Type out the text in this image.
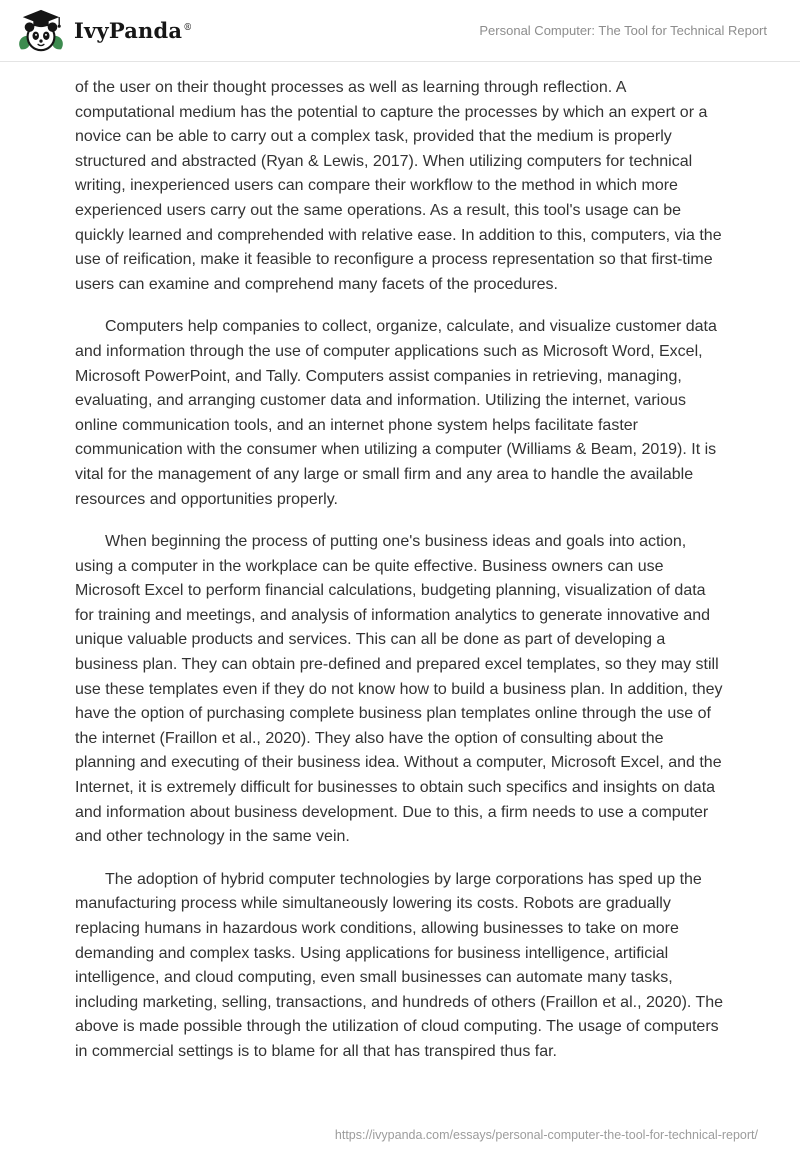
IvyPanda®	Personal Computer: The Tool for Technical Report

of the user on their thought processes as well as learning through reflection. A computational medium has the potential to capture the processes by which an expert or a novice can be able to carry out a complex task, provided that the medium is properly structured and abstracted (Ryan & Lewis, 2017). When utilizing computers for technical writing, inexperienced users can compare their workflow to the method in which more experienced users carry out the same operations. As a result, this tool's usage can be quickly learned and comprehended with relative ease. In addition to this, computers, via the use of reification, make it feasible to reconfigure a process representation so that first-time users can examine and comprehend many facets of the procedures.

Computers help companies to collect, organize, calculate, and visualize customer data and information through the use of computer applications such as Microsoft Word, Excel, Microsoft PowerPoint, and Tally. Computers assist companies in retrieving, managing, evaluating, and arranging customer data and information. Utilizing the internet, various online communication tools, and an internet phone system helps facilitate faster communication with the consumer when utilizing a computer (Williams & Beam, 2019). It is vital for the management of any large or small firm and any area to handle the available resources and opportunities properly.

When beginning the process of putting one's business ideas and goals into action, using a computer in the workplace can be quite effective. Business owners can use Microsoft Excel to perform financial calculations, budgeting planning, visualization of data for training and meetings, and analysis of information analytics to generate innovative and unique valuable products and services. This can all be done as part of developing a business plan. They can obtain pre-defined and prepared excel templates, so they may still use these templates even if they do not know how to build a business plan. In addition, they have the option of purchasing complete business plan templates online through the use of the internet (Fraillon et al., 2020). They also have the option of consulting about the planning and executing of their business idea. Without a computer, Microsoft Excel, and the Internet, it is extremely difficult for businesses to obtain such specifics and insights on data and information about business development. Due to this, a firm needs to use a computer and other technology in the same vein.

The adoption of hybrid computer technologies by large corporations has sped up the manufacturing process while simultaneously lowering its costs. Robots are gradually replacing humans in hazardous work conditions, allowing businesses to take on more demanding and complex tasks. Using applications for business intelligence, artificial intelligence, and cloud computing, even small businesses can automate many tasks, including marketing, selling, transactions, and hundreds of others (Fraillon et al., 2020). The above is made possible through the utilization of cloud computing. The usage of computers in commercial settings is to blame for all that has transpired thus far.

https://ivypanda.com/essays/personal-computer-the-tool-for-technical-report/
